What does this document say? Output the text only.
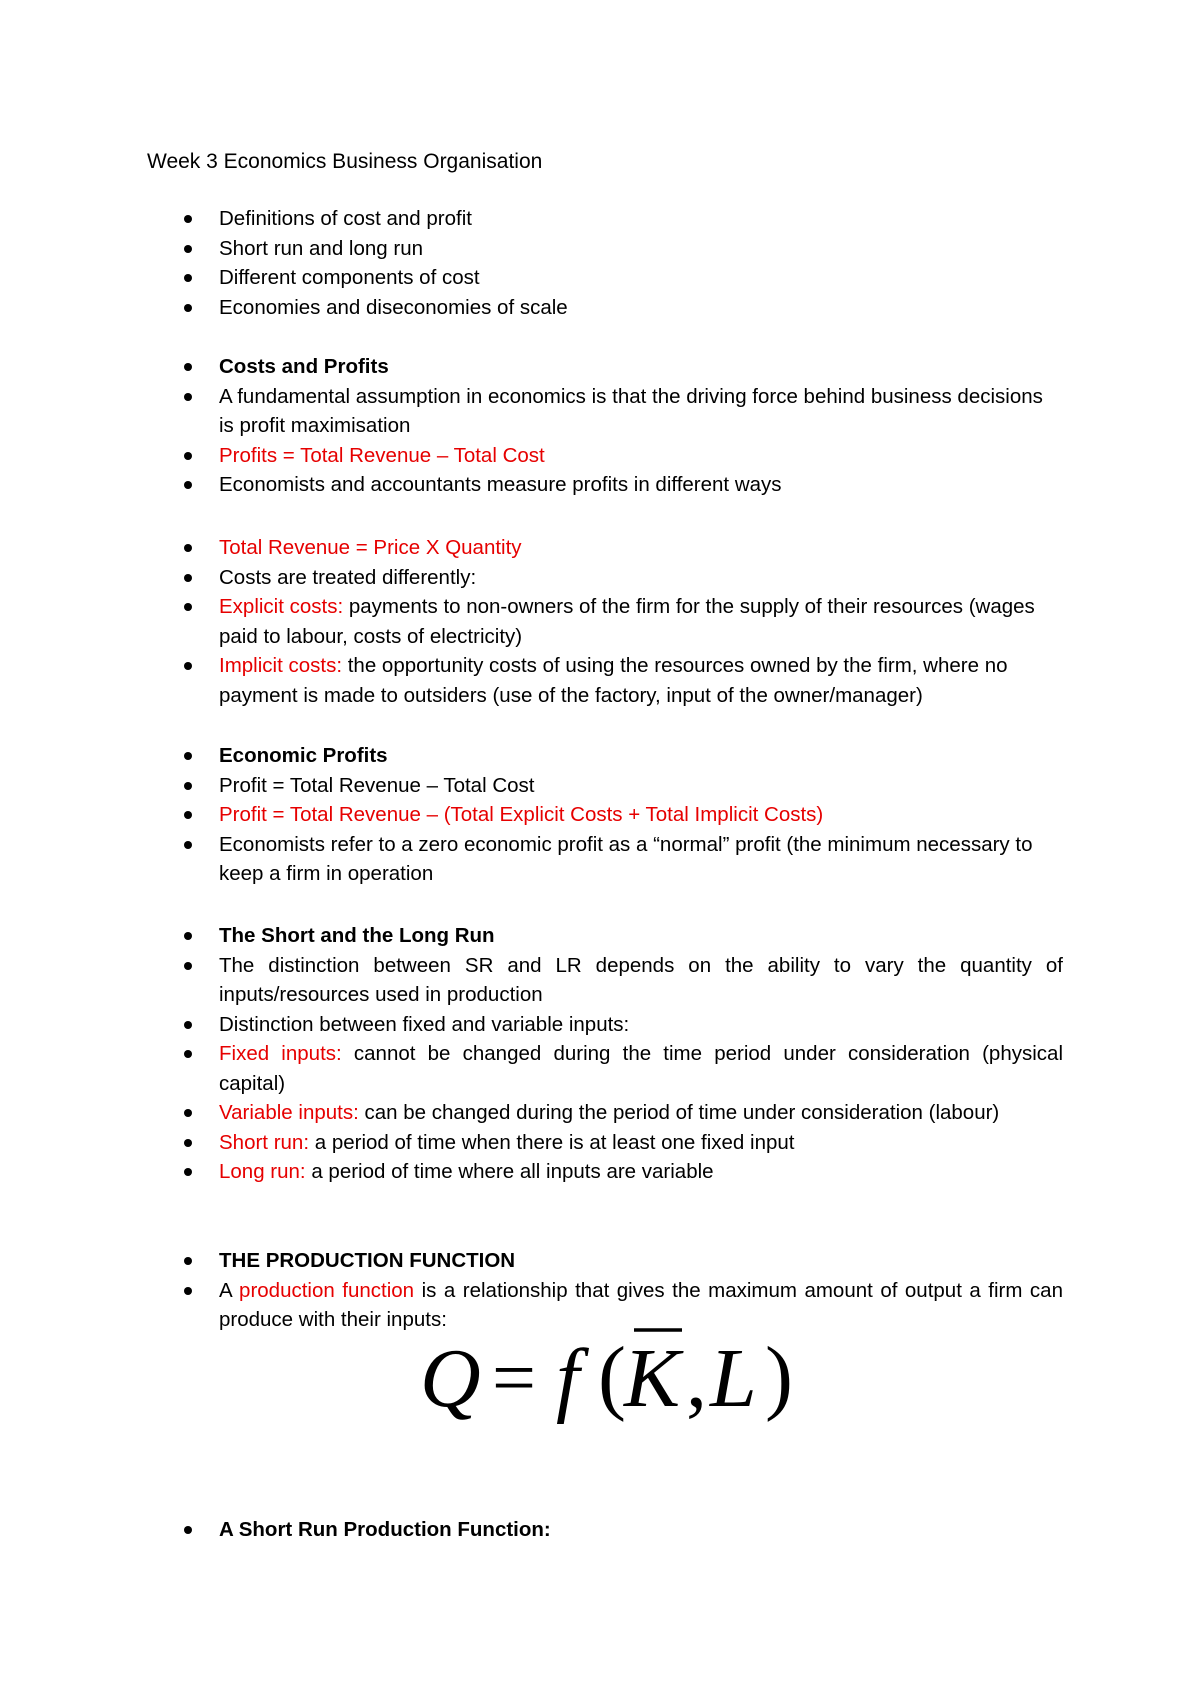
Week 3 Economics Business Organisation
Definitions of cost and profit
Short run and long run
Different components of cost
Economies and diseconomies of scale
Costs and Profits
A fundamental assumption in economics is that the driving force behind business decisions is profit maximisation
Profits = Total Revenue – Total Cost
Economists and accountants measure profits in different ways
Total Revenue = Price X Quantity
Costs are treated differently:
Explicit costs: payments to non-owners of the firm for the supply of their resources (wages paid to labour, costs of electricity)
Implicit costs: the opportunity costs of using the resources owned by the firm, where no payment is made to outsiders (use of the factory, input of the owner/manager)
Economic Profits
Profit = Total Revenue – Total Cost
Profit = Total Revenue – (Total Explicit Costs + Total Implicit Costs)
Economists refer to a zero economic profit as a “normal” profit (the minimum necessary to keep a firm in operation
The Short and the Long Run
The distinction between SR and LR depends on the ability to vary the quantity of inputs/resources used in production
Distinction between fixed and variable inputs:
Fixed inputs: cannot be changed during the time period under consideration (physical capital)
Variable inputs: can be changed during the period of time under consideration (labour)
Short run: a period of time when there is at least one fixed input
Long run: a period of time where all inputs are variable
THE PRODUCTION FUNCTION
A production function is a relationship that gives the maximum amount of output a firm can produce with their inputs:
Q = f (
K , L )
A Short Run Production Function:
